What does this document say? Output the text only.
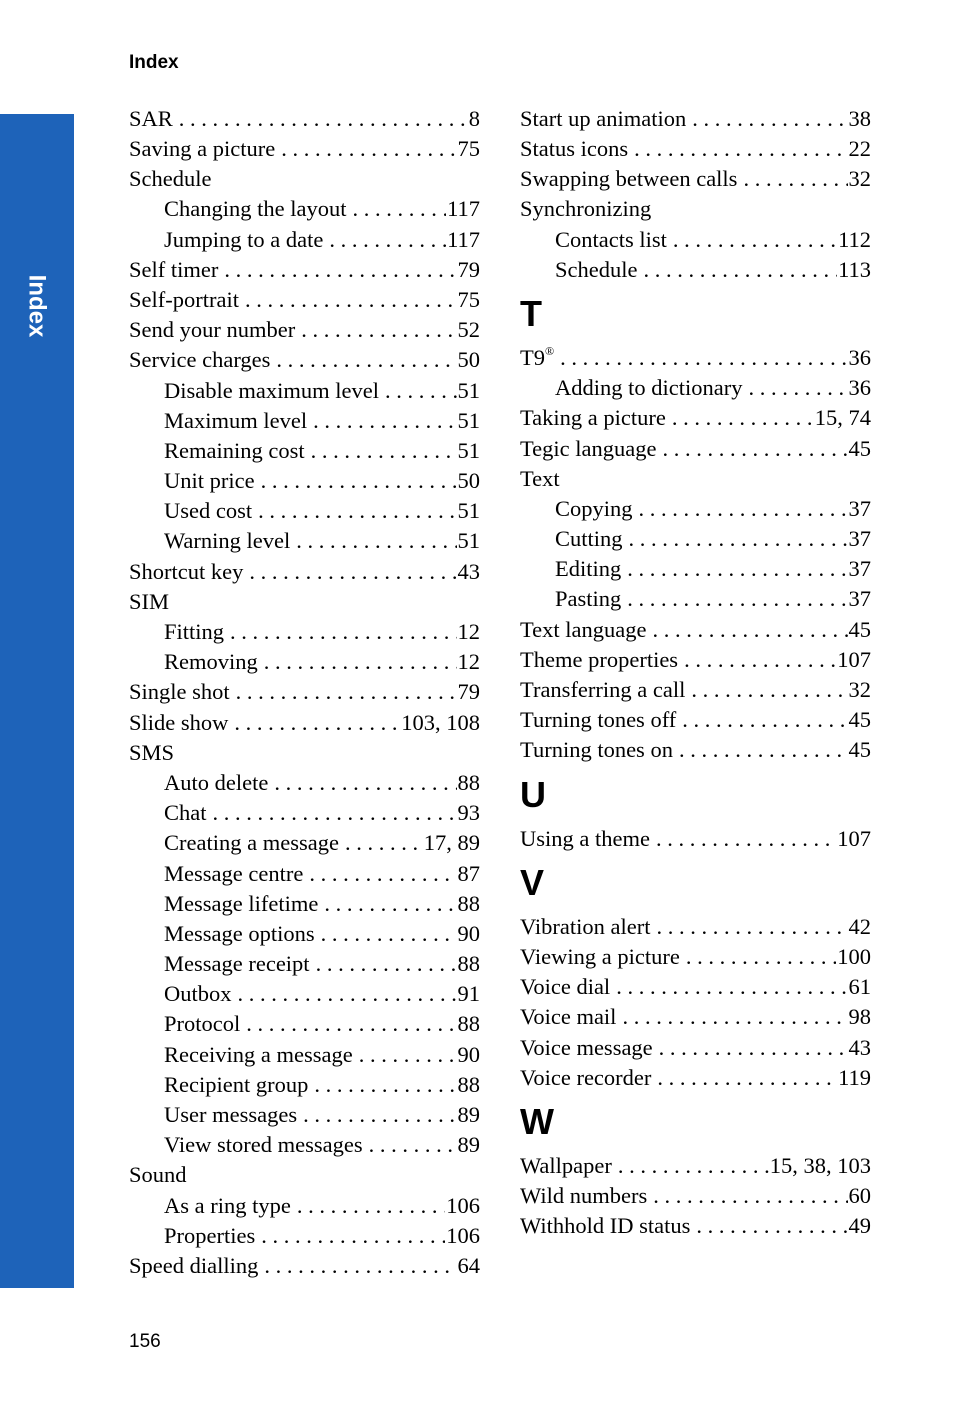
Index
Index
SAR . . .	8
Saving a picture . . .	75
Schedule
Changing the layout . . .	117
Jumping to a date . . .	117
Self timer . . .	79
Self-portrait . . .	75
Send your number . . .	52
Service charges . . .	50
Disable maximum level . . .	51
Maximum level . . .	51
Remaining cost . . .	51
Unit price . . .	50
Used cost . . .	51
Warning level . . .	51
Shortcut key . . .	43
SIM
Fitting . . .	12
Removing . . .	12
Single shot . . .	79
Slide show . . .	103, 108
SMS
Auto delete . . .	88
Chat . . .	93
Creating a message . . .	17, 89
Message centre . . .	87
Message lifetime . . .	88
Message options . . .	90
Message receipt . . .	88
Outbox . . .	91
Protocol . . .	88
Receiving a message . . .	90
Recipient group . . .	88
User messages . . .	89
View stored messages . . .	89
Sound
As a ring type . . .	106
Properties . . .	106
Speed dialling . . .	64
Start up animation . . .	38
Status icons . . .	22
Swapping between calls . . .	32
Synchronizing
Contacts list . . .	112
Schedule . . .	113
T
T9® . . .	36
Adding to dictionary . . .	36
Taking a picture . . .	15, 74
Tegic language . . .	45
Text
Copying . . .	37
Cutting . . .	37
Editing . . .	37
Pasting . . .	37
Text language . . .	45
Theme properties . . .	107
Transferring a call . . .	32
Turning tones off . . .	45
Turning tones on . . .	45
U
Using a theme . . .	107
V
Vibration alert . . .	42
Viewing a picture . . .	100
Voice dial . . .	61
Voice mail . . .	98
Voice message . . .	43
Voice recorder . . .	119
W
Wallpaper . . .	15, 38, 103
Wild numbers . . .	60
Withhold ID status . . .	49
156
